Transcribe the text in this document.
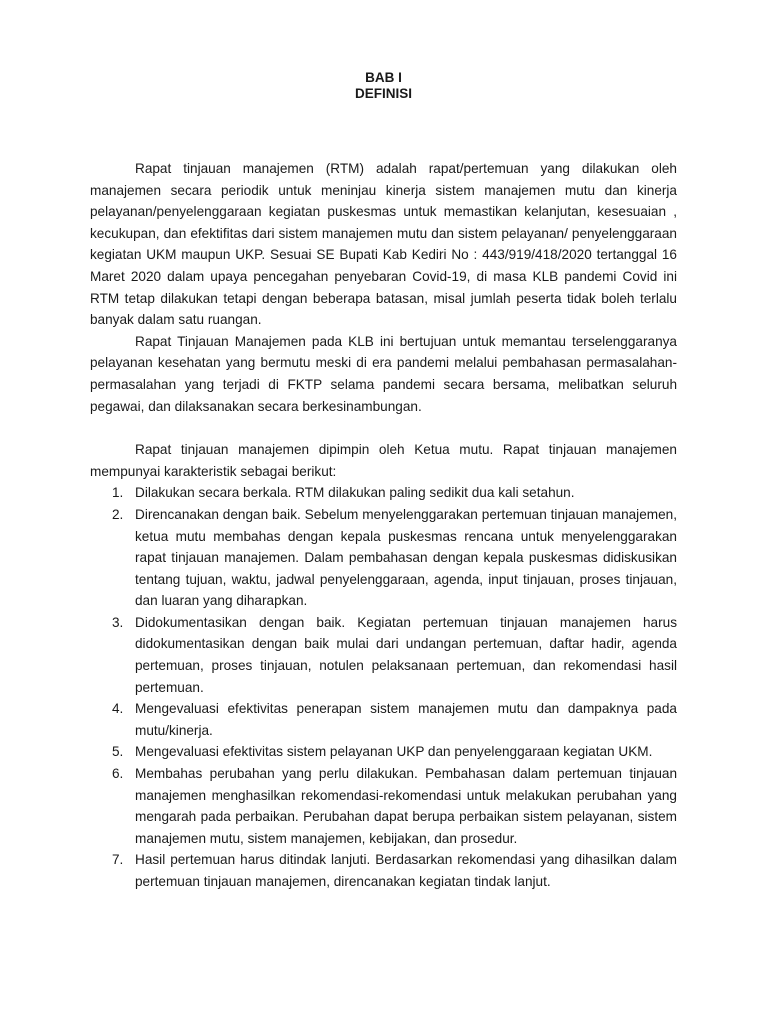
BAB I

DEFINISI

Rapat tinjauan manajemen (RTM) adalah rapat/pertemuan yang dilakukan oleh manajemen secara periodik untuk meninjau kinerja sistem manajemen mutu dan kinerja pelayanan/penyelenggaraan kegiatan puskesmas untuk memastikan kelanjutan, kesesuaian , kecukupan, dan efektifitas dari sistem manajemen mutu dan sistem pelayanan/ penyelenggaraan kegiatan UKM maupun UKP. Sesuai SE Bupati Kab Kediri No : 443/919/418/2020 tertanggal 16 Maret 2020 dalam upaya pencegahan penyebaran Covid-19, di masa KLB pandemi Covid ini RTM tetap dilakukan tetapi dengan beberapa batasan, misal jumlah peserta tidak boleh terlalu banyak dalam satu ruangan.

Rapat Tinjauan Manajemen pada KLB ini bertujuan untuk memantau terselenggaranya pelayanan kesehatan yang bermutu meski di era pandemi melalui pembahasan permasalahan- permasalahan yang terjadi di FKTP selama pandemi secara bersama, melibatkan seluruh pegawai, dan dilaksanakan secara berkesinambungan.

Rapat tinjauan manajemen dipimpin oleh Ketua mutu. Rapat tinjauan manajemen mempunyai karakteristik sebagai berikut:

1. Dilakukan secara berkala. RTM dilakukan paling sedikit dua kali setahun.
2. Direncanakan dengan baik. Sebelum menyelenggarakan pertemuan tinjauan manajemen, ketua mutu membahas dengan kepala puskesmas rencana untuk menyelenggarakan rapat tinjauan manajemen. Dalam pembahasan dengan kepala puskesmas didiskusikan tentang tujuan, waktu, jadwal penyelenggaraan, agenda, input tinjauan, proses tinjauan, dan luaran yang diharapkan.
3. Didokumentasikan dengan baik. Kegiatan pertemuan tinjauan manajemen harus didokumentasikan dengan baik mulai dari undangan pertemuan, daftar hadir, agenda pertemuan, proses tinjauan, notulen pelaksanaan pertemuan, dan rekomendasi hasil pertemuan.
4. Mengevaluasi efektivitas penerapan sistem manajemen mutu dan dampaknya pada mutu/kinerja.
5. Mengevaluasi efektivitas sistem pelayanan UKP dan penyelenggaraan kegiatan UKM.
6. Membahas perubahan yang perlu dilakukan. Pembahasan dalam pertemuan tinjauan manajemen menghasilkan rekomendasi-rekomendasi untuk melakukan perubahan yang mengarah pada perbaikan. Perubahan dapat berupa perbaikan sistem pelayanan, sistem manajemen mutu, sistem manajemen, kebijakan, dan prosedur.
7. Hasil pertemuan harus ditindak lanjuti. Berdasarkan rekomendasi yang dihasilkan dalam pertemuan tinjauan manajemen, direncanakan kegiatan tindak lanjut.
